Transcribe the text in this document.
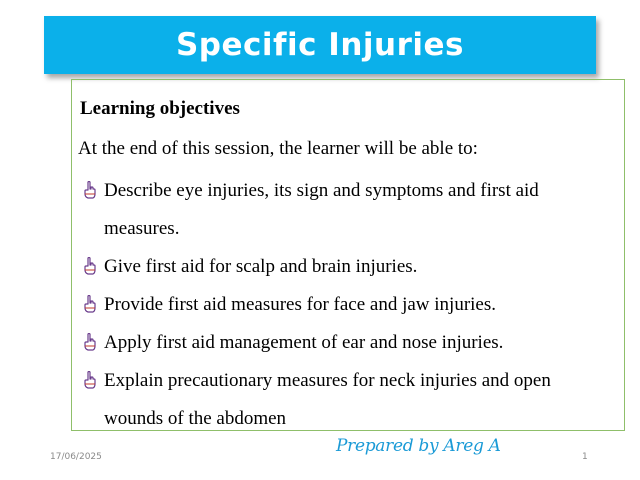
Specific Injuries
Learning objectives
At the end of this session, the learner will be able to:
Describe eye injuries, its sign and symptoms and first aid
measures.
Give first aid for scalp and brain injuries.
Provide first aid measures for face and jaw injuries.
Apply first aid management of ear and nose injuries.
Explain precautionary measures for neck injuries and open
wounds of the abdomen
Prepared by Areg A
17/06/2025	1
